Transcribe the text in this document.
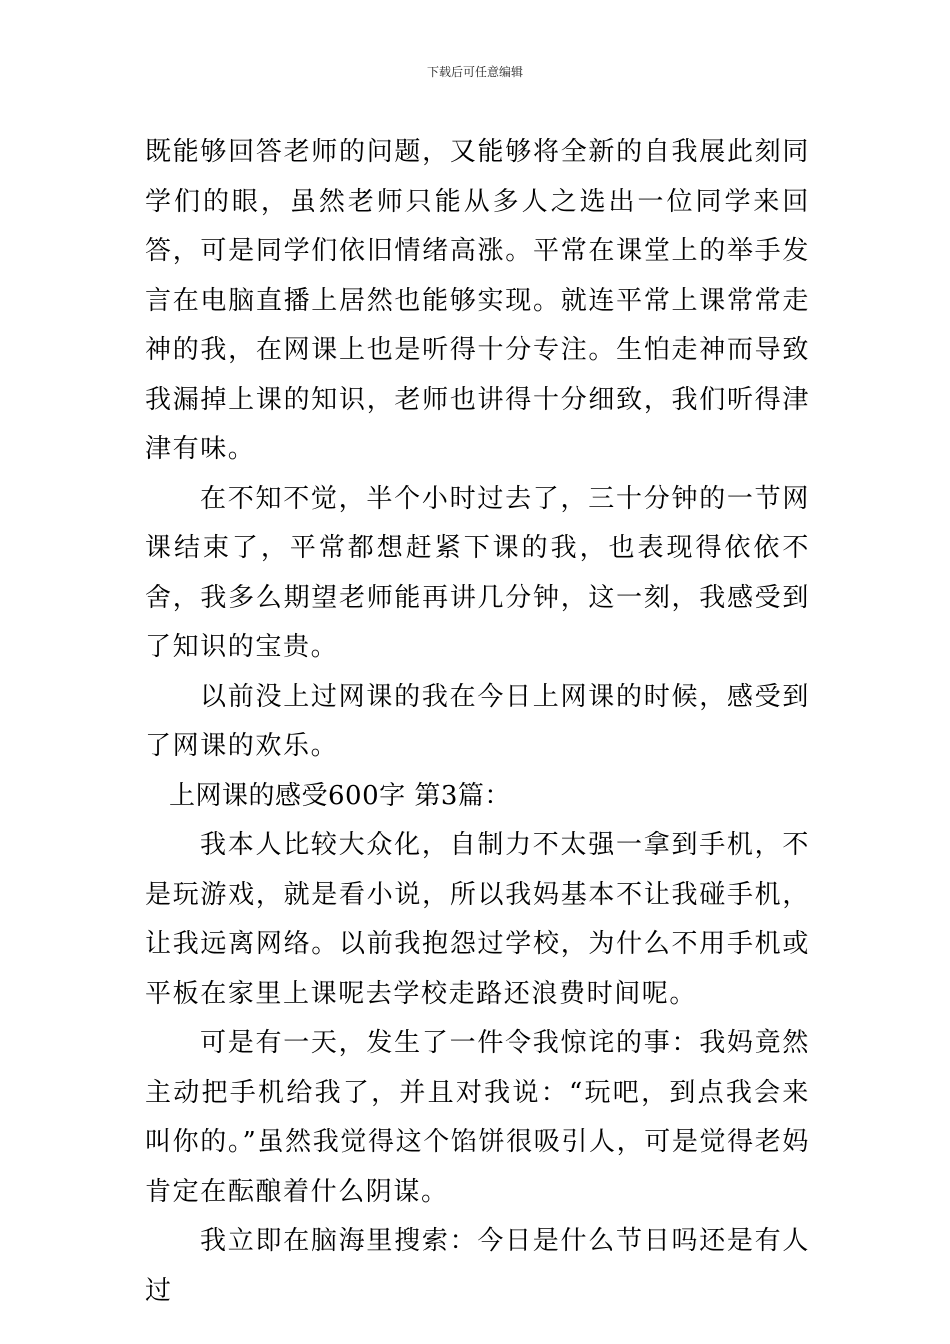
下载后可任意编辑

既能够回答老师的问题，又能够将全新的自我展此刻同学们的眼，虽然老师只能从多人之选出一位同学来回答，可是同学们依旧情绪高涨。平常在课堂上的举手发言在电脑直播上居然也能够实现。就连平常上课常常走神的我，在网课上也是听得十分专注。生怕走神而导致我漏掉上课的知识，老师也讲得十分细致，我们听得津津有味。

在不知不觉，半个小时过去了，三十分钟的一节网课结束了，平常都想赶紧下课的我，也表现得依依不舍，我多么期望老师能再讲几分钟，这一刻，我感受到了知识的宝贵。

以前没上过网课的我在今日上网课的时候，感受到了网课的欢乐。

上网课的感受600字 第3篇：

我本人比较大众化，自制力不太强一拿到手机，不是玩游戏，就是看小说，所以我妈基本不让我碰手机，让我远离网络。以前我抱怨过学校，为什么不用手机或平板在家里上课呢去学校走路还浪费时间呢。

可是有一天，发生了一件令我惊诧的事：我妈竟然主动把手机给我了，并且对我说：“玩吧，到点我会来叫你的。”虽然我觉得这个馅饼很吸引人，可是觉得老妈肯定在酝酿着什么阴谋。

我立即在脑海里搜索：今日是什么节日吗还是有人过
